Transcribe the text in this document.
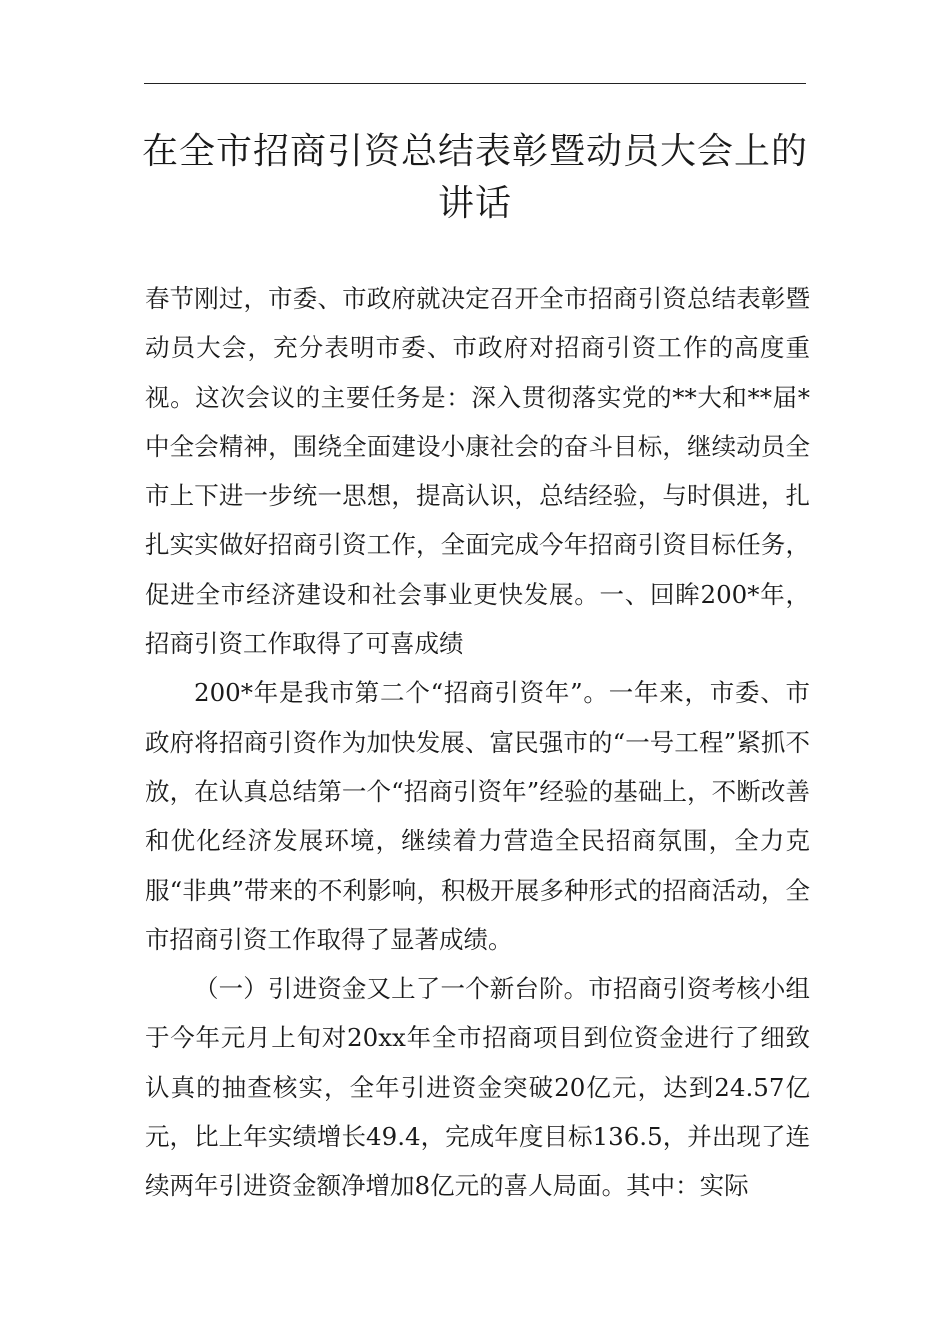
在全市招商引资总结表彰暨动员大会上的
讲话

春节刚过，市委、市政府就决定召开全市招商引资总结表彰暨动员大会，充分表明市委、市政府对招商引资工作的高度重视。这次会议的主要任务是：深入贯彻落实党的**大和**届*中全会精神，围绕全面建设小康社会的奋斗目标，继续动员全市上下进一步统一思想，提高认识，总结经验，与时俱进，扎扎实实做好招商引资工作，全面完成今年招商引资目标任务，促进全市经济建设和社会事业更快发展。一、回眸200*年，招商引资工作取得了可喜成绩

200*年是我市第二个“招商引资年”。一年来，市委、市政府将招商引资作为加快发展、富民强市的“一号工程”紧抓不放，在认真总结第一个“招商引资年”经验的基础上，不断改善和优化经济发展环境，继续着力营造全民招商氛围，全力克服“非典”带来的不利影响，积极开展多种形式的招商活动，全市招商引资工作取得了显著成绩。

（一）引进资金又上了一个新台阶。市招商引资考核小组于今年元月上旬对20xx年全市招商项目到位资金进行了细致认真的抽查核实，全年引进资金突破20亿元，达到24.57亿元，比上年实绩增长49.4，完成年度目标136.5，并出现了连续两年引进资金额净增加8亿元的喜人局面。其中：实际
